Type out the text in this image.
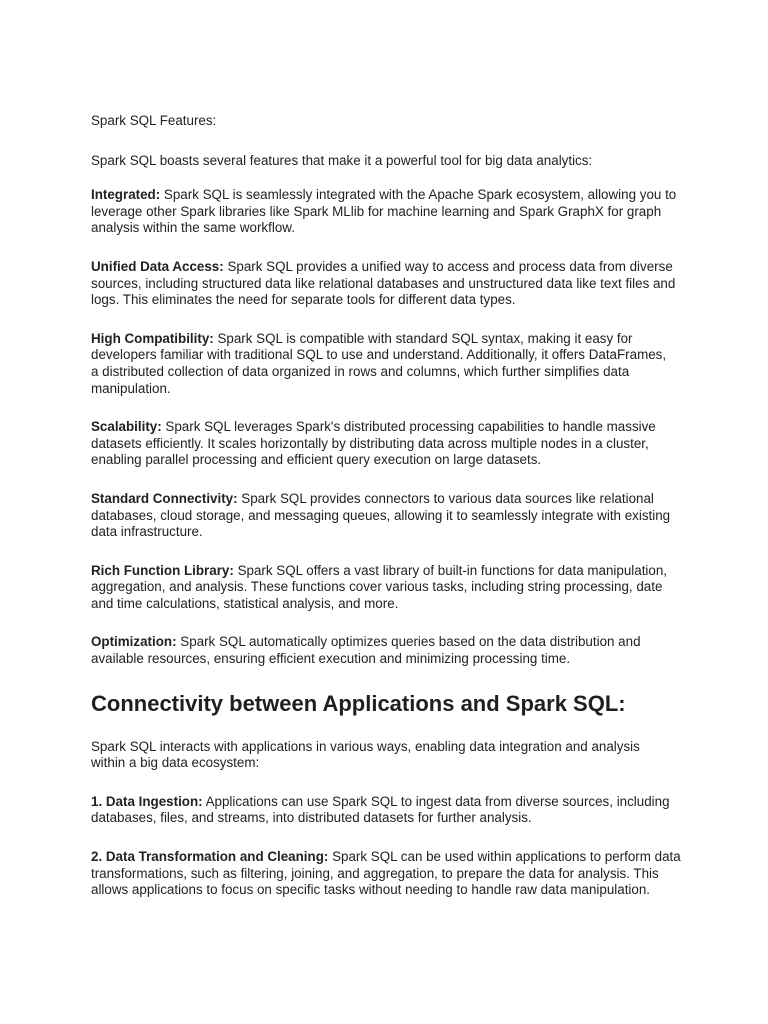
Spark SQL Features:

Spark SQL boasts several features that make it a powerful tool for big data analytics:

Integrated: Spark SQL is seamlessly integrated with the Apache Spark ecosystem, allowing you to leverage other Spark libraries like Spark MLlib for machine learning and Spark GraphX for graph analysis within the same workflow.

Unified Data Access: Spark SQL provides a unified way to access and process data from diverse sources, including structured data like relational databases and unstructured data like text files and logs. This eliminates the need for separate tools for different data types.

High Compatibility: Spark SQL is compatible with standard SQL syntax, making it easy for developers familiar with traditional SQL to use and understand. Additionally, it offers DataFrames, a distributed collection of data organized in rows and columns, which further simplifies data manipulation.

Scalability: Spark SQL leverages Spark's distributed processing capabilities to handle massive datasets efficiently. It scales horizontally by distributing data across multiple nodes in a cluster, enabling parallel processing and efficient query execution on large datasets.

Standard Connectivity: Spark SQL provides connectors to various data sources like relational databases, cloud storage, and messaging queues, allowing it to seamlessly integrate with existing data infrastructure.

Rich Function Library: Spark SQL offers a vast library of built-in functions for data manipulation, aggregation, and analysis. These functions cover various tasks, including string processing, date and time calculations, statistical analysis, and more.

Optimization: Spark SQL automatically optimizes queries based on the data distribution and available resources, ensuring efficient execution and minimizing processing time.

Connectivity between Applications and Spark SQL:

Spark SQL interacts with applications in various ways, enabling data integration and analysis within a big data ecosystem:

1. Data Ingestion: Applications can use Spark SQL to ingest data from diverse sources, including databases, files, and streams, into distributed datasets for further analysis.

2. Data Transformation and Cleaning: Spark SQL can be used within applications to perform data transformations, such as filtering, joining, and aggregation, to prepare the data for analysis. This allows applications to focus on specific tasks without needing to handle raw data manipulation.
